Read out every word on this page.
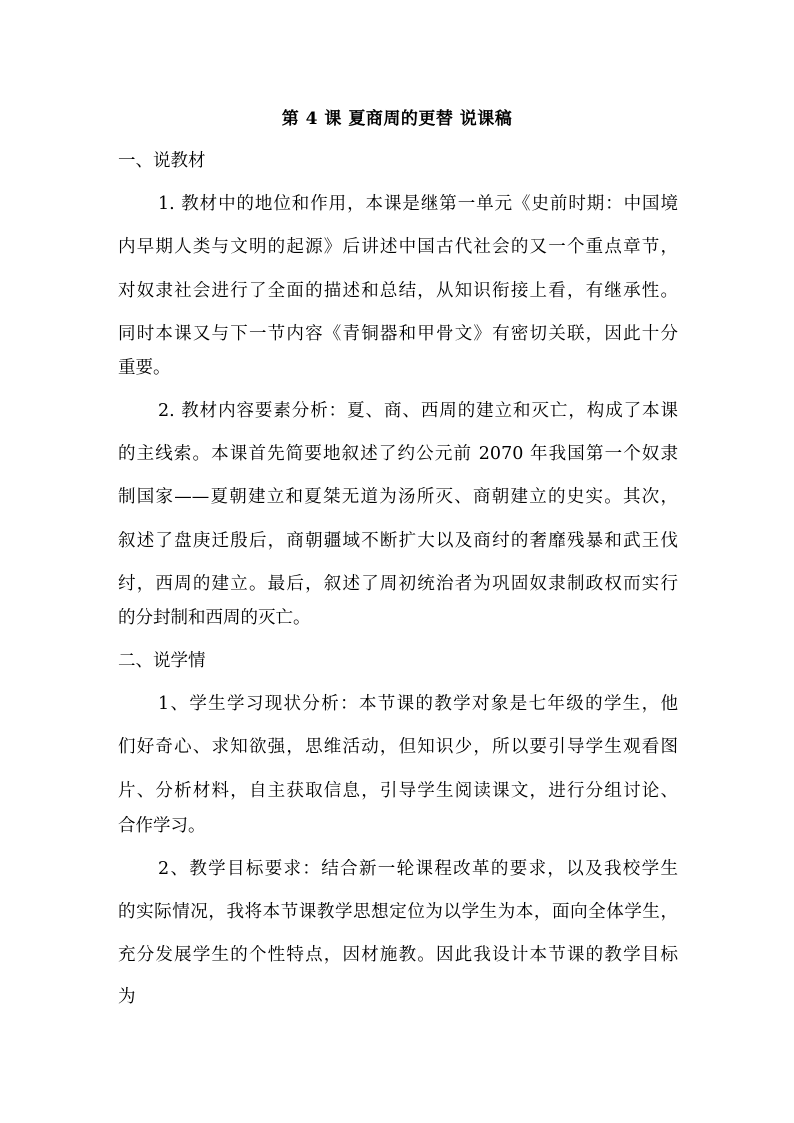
第 4 课 夏商周的更替 说课稿
一、说教材
1. 教材中的地位和作用，本课是继第一单元《史前时期：中国境
内早期人类与文明的起源》后讲述中国古代社会的又一个重点章节，
对奴隶社会进行了全面的描述和总结，从知识衔接上看，有继承性。
同时本课又与下一节内容《青铜器和甲骨文》有密切关联，因此十分
重要。
2. 教材内容要素分析：夏、商、西周的建立和灭亡，构成了本课
的主线索。本课首先简要地叙述了约公元前 2070 年我国第一个奴隶
制国家——夏朝建立和夏桀无道为汤所灭、商朝建立的史实。其次，
叙述了盘庚迁殷后，商朝疆域不断扩大以及商纣的奢靡残暴和武王伐
纣，西周的建立。最后，叙述了周初统治者为巩固奴隶制政权而实行
的分封制和西周的灭亡。
二、说学情
1、学生学习现状分析：本节课的教学对象是七年级的学生，他
们好奇心、求知欲强，思维活动，但知识少，所以要引导学生观看图
片、分析材料，自主获取信息，引导学生阅读课文，进行分组讨论、
合作学习。
2、教学目标要求：结合新一轮课程改革的要求，以及我校学生
的实际情况，我将本节课教学思想定位为以学生为本，面向全体学生，
充分发展学生的个性特点，因材施教。因此我设计本节课的教学目标
为
